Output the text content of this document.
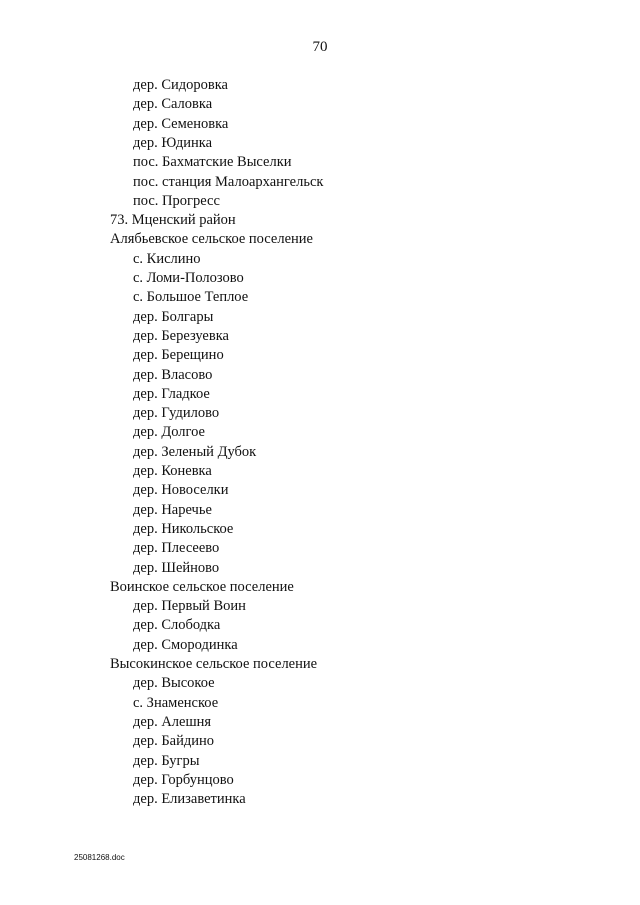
70
дер. Сидоровка
дер. Саловка
дер. Семеновка
дер. Юдинка
пос. Бахматские Выселки
пос. станция Малоархангельск
пос. Прогресс
73. Мценский район
Алябьевское сельское поселение
с. Кислино
с. Ломи-Полозово
с. Большое Теплое
дер. Болгары
дер. Березуевка
дер. Берещино
дер. Власово
дер. Гладкое
дер. Гудилово
дер. Долгое
дер. Зеленый Дубок
дер. Коневка
дер. Новоселки
дер. Наречье
дер. Никольское
дер. Плесеево
дер. Шейново
Воинское сельское поселение
дер. Первый Воин
дер. Слободка
дер. Смородинка
Высокинское сельское поселение
дер. Высокое
с. Знаменское
дер. Алешня
дер. Байдино
дер. Бугры
дер. Горбунцово
дер. Елизаветинка
25081268.doc
